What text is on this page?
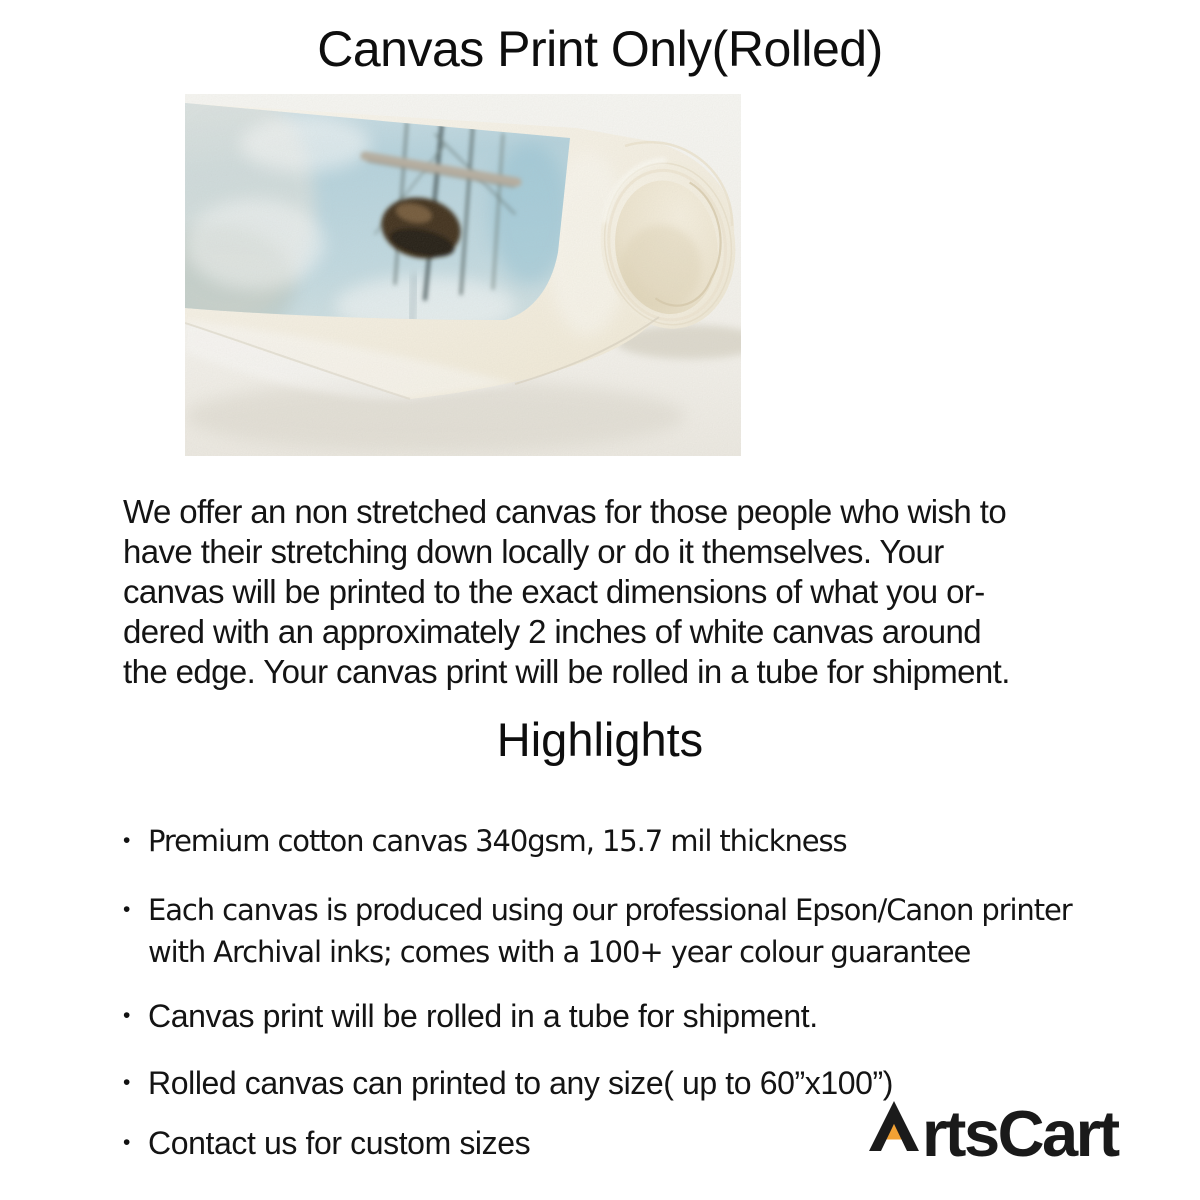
Canvas Print Only(Rolled)
We offer an non stretched canvas for those people who wish to
have their stretching down locally or do it themselves. Your
canvas will be printed to the exact dimensions of what you or-
dered with an approximately 2 inches of white canvas around
the edge. Your canvas print will be rolled in a tube for shipment.
Highlights
• Premium cotton canvas 340gsm, 15.7 mil thickness
• Each canvas is produced using our professional Epson/Canon printer
with Archival inks; comes with a 100+ year colour guarantee
• Canvas print will be rolled in a tube for shipment.
• Rolled canvas can printed to any size( up to 60”x100”)
• Contact us for custom sizes	rtsCart
